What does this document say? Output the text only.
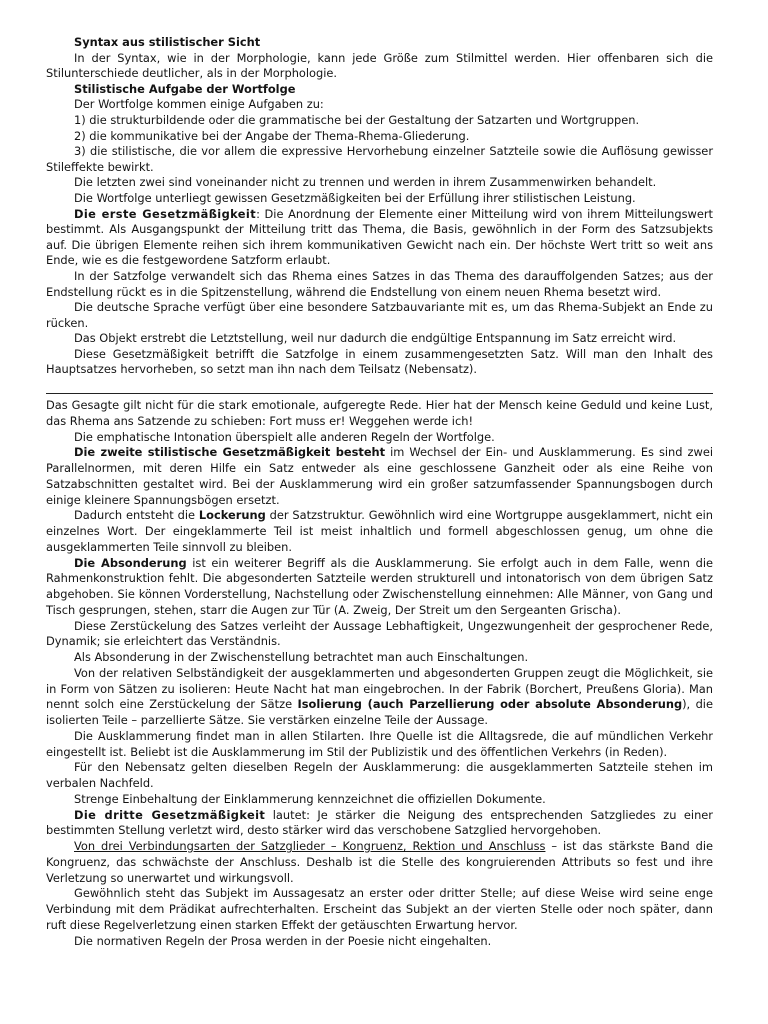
Syntax aus stilistischer Sicht

In der Syntax, wie in der Morphologie, kann jede Größe zum Stilmittel werden. Hier offenbaren sich die Stilunterschiede deutlicher, als in der Morphologie.

Stilistische Aufgabe der Wortfolge

Der Wortfolge kommen einige Aufgaben zu:

1) die strukturbildende oder die grammatische bei der Gestaltung der Satzarten und Wortgruppen.

2) die kommunikative bei der Angabe der Thema-Rhema-Gliederung.

3) die stilistische, die vor allem die expressive Hervorhebung einzelner Satzteile sowie die Auflösung gewisser Stileffekte bewirkt.

Die letzten zwei sind voneinander nicht zu trennen und werden in ihrem Zusammenwirken behandelt.

Die Wortfolge unterliegt gewissen Gesetzmäßigkeiten bei der Erfüllung ihrer stilistischen Leistung.

Die erste Gesetzmäßigkeit: Die Anordnung der Elemente einer Mitteilung wird von ihrem Mitteilungswert bestimmt. Als Ausgangspunkt der Mitteilung tritt das Thema, die Basis, gewöhnlich in der Form des Satzsubjekts auf. Die übrigen Elemente reihen sich ihrem kommunikativen Gewicht nach ein. Der höchste Wert tritt so weit ans Ende, wie es die festgewordene Satzform erlaubt.

In der Satzfolge verwandelt sich das Rhema eines Satzes in das Thema des darauffolgenden Satzes; aus der Endstellung rückt es in die Spitzenstellung, während die Endstellung von einem neuen Rhema besetzt wird.

Die deutsche Sprache verfügt über eine besondere Satzbauvariante mit es, um das Rhema-Subjekt an Ende zu rücken.

Das Objekt erstrebt die Letztstellung, weil nur dadurch die endgültige Entspannung im Satz erreicht wird.

Diese Gesetzmäßigkeit betrifft die Satzfolge in einem zusammengesetzten Satz. Will man den Inhalt des Hauptsatzes hervorheben, so setzt man ihn nach dem Teilsatz (Nebensatz).

Das Gesagte gilt nicht für die stark emotionale, aufgeregte Rede. Hier hat der Mensch keine Geduld und keine Lust, das Rhema ans Satzende zu schieben: Fort muss er! Weggehen werde ich!

Die emphatische Intonation überspielt alle anderen Regeln der Wortfolge.

Die zweite stilistische Gesetzmäßigkeit besteht im Wechsel der Ein- und Ausklammerung. Es sind zwei Parallelnormen, mit deren Hilfe ein Satz entweder als eine geschlossene Ganzheit oder als eine Reihe von Satzabschnitten gestaltet wird. Bei der Ausklammerung wird ein großer satzumfassender Spannungsbogen durch einige kleinere Spannungsbögen ersetzt.

Dadurch entsteht die Lockerung der Satzstruktur. Gewöhnlich wird eine Wortgruppe ausgeklammert, nicht ein einzelnes Wort. Der eingeklammerte Teil ist meist inhaltlich und formell abgeschlossen genug, um ohne die ausgeklammerten Teile sinnvoll zu bleiben.

Die Absonderung ist ein weiterer Begriff als die Ausklammerung. Sie erfolgt auch in dem Falle, wenn die Rahmenkonstruktion fehlt. Die abgesonderten Satzteile werden strukturell und intonatorisch von dem übrigen Satz abgehoben. Sie können Vorderstellung, Nachstellung oder Zwischenstellung einnehmen: Alle Männer, von Gang und Tisch gesprungen, stehen, starr die Augen zur Tür (A. Zweig, Der Streit um den Sergeanten Grischa).

Diese Zerstückelung des Satzes verleiht der Aussage Lebhaftigkeit, Ungezwungenheit der gesprochener Rede, Dynamik; sie erleichtert das Verständnis.

Als Absonderung in der Zwischenstellung betrachtet man auch Einschaltungen.

Von der relativen Selbständigkeit der ausgeklammerten und abgesonderten Gruppen zeugt die Möglichkeit, sie in Form von Sätzen zu isolieren: Heute Nacht hat man eingebrochen. In der Fabrik (Borchert, Preußens Gloria). Man nennt solch eine Zerstückelung der Sätze Isolierung (auch Parzellierung oder absolute Absonderung), die isolierten Teile – parzellierte Sätze. Sie verstärken einzelne Teile der Aussage.

Die Ausklammerung findet man in allen Stilarten. Ihre Quelle ist die Alltagsrede, die auf mündlichen Verkehr eingestellt ist. Beliebt ist die Ausklammerung im Stil der Publizistik und des öffentlichen Verkehrs (in Reden).

Für den Nebensatz gelten dieselben Regeln der Ausklammerung: die ausgeklammerten Satzteile stehen im verbalen Nachfeld.

Strenge Einbehaltung der Einklammerung kennzeichnet die offiziellen Dokumente.

Die dritte Gesetzmäßigkeit lautet: Je stärker die Neigung des entsprechenden Satzgliedes zu einer bestimmten Stellung verletzt wird, desto stärker wird das verschobene Satzglied hervorgehoben.

Von drei Verbindungsarten der Satzglieder – Kongruenz, Rektion und Anschluss – ist das stärkste Band die Kongruenz, das schwächste der Anschluss. Deshalb ist die Stelle des kongruierenden Attributs so fest und ihre Verletzung so unerwartet und wirkungsvoll.

Gewöhnlich steht das Subjekt im Aussagesatz an erster oder dritter Stelle; auf diese Weise wird seine enge Verbindung mit dem Prädikat aufrechterhalten. Erscheint das Subjekt an der vierten Stelle oder noch später, dann ruft diese Regelverletzung einen starken Effekt der getäuschten Erwartung hervor.

Die normativen Regeln der Prosa werden in der Poesie nicht eingehalten.
